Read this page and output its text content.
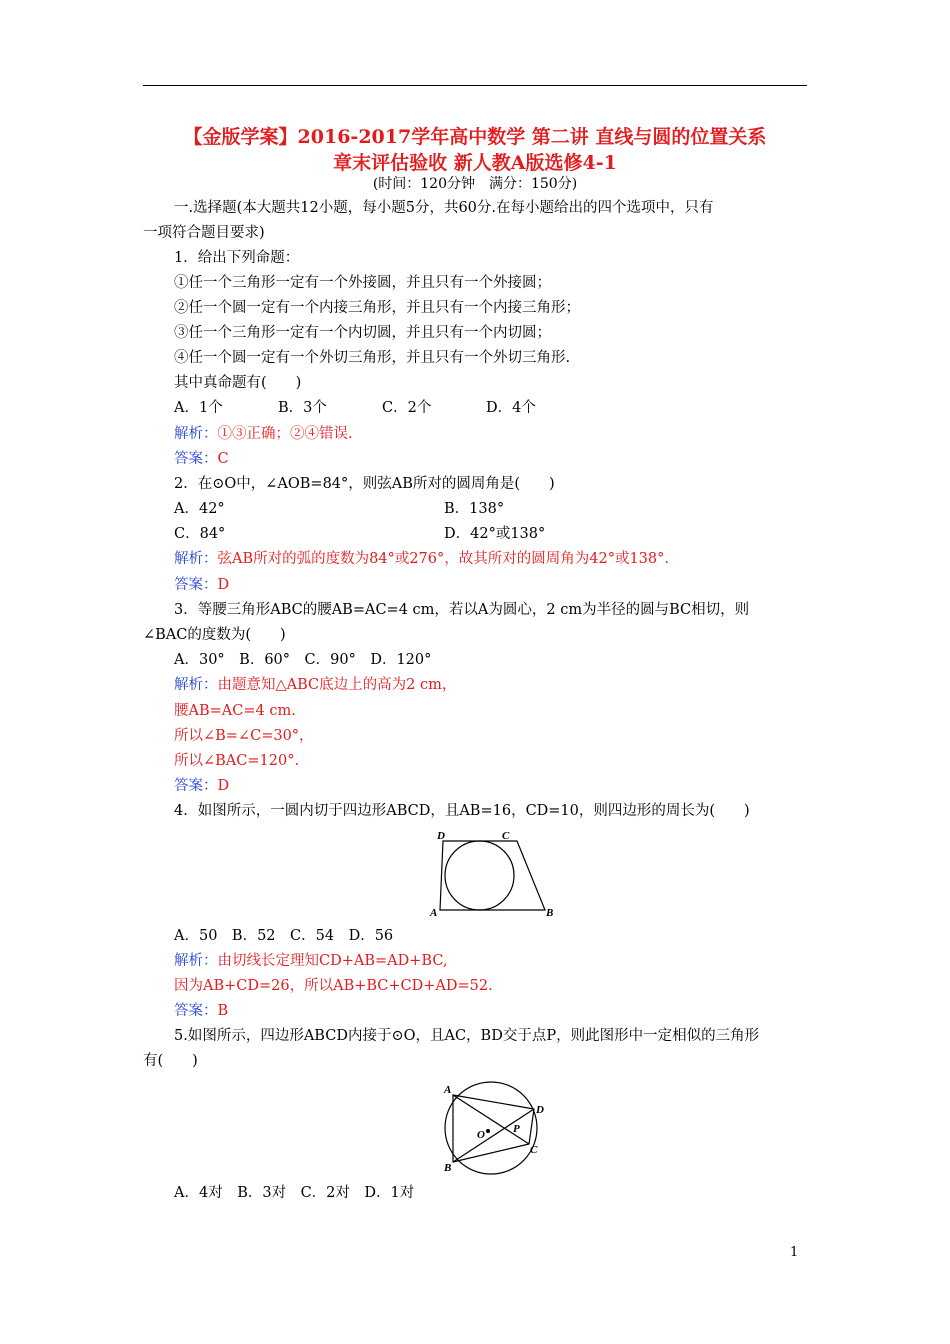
【金版学案】2016-2017学年高中数学 第二讲 直线与圆的位置关系
章末评估验收 新人教A版选修4-1
(时间：120分钟　满分：150分)
一.选择题(本大题共12小题，每小题5分，共60分.在每小题给出的四个选项中，只有
一项符合题目要求)
1．给出下列命题：
①任一个三角形一定有一个外接圆，并且只有一个外接圆；
②任一个圆一定有一个内接三角形，并且只有一个内接三角形；
③任一个三角形一定有一个内切圆，并且只有一个内切圆；
④任一个圆一定有一个外切三角形，并且只有一个外切三角形.
其中真命题有(　　)
A．1个	B．3个	C．2个	D．4个
解析：①③正确；②④错误.
答案：C
2．在⊙O中，∠AOB=84°，则弦AB所对的圆周角是(　　)
A．42°	B．138°
C．84°	D．42°或138°
解析：弦AB所对的弧的度数为84°或276°，故其所对的圆周角为42°或138°.
答案：D
3．等腰三角形ABC的腰AB=AC=4 cm，若以A为圆心，2 cm为半径的圆与BC相切，则
∠BAC的度数为(　　)
A．30°　B．60°　C．90°　D．120°
解析：由题意知△ABC底边上的高为2 cm，
腰AB=AC=4 cm.
所以∠B=∠C=30°，
所以∠BAC=120°.
答案：D
4．如图所示，一圆内切于四边形ABCD，且AB=16，CD=10，则四边形的周长为(　　)
A	B
C
D
A．50　B．52　C．54　D．56
解析：由切线长定理知CD+AB=AD+BC,
因为AB+CD=26，所以AB+BC+CD+AD=52.
答案：B
5.如图所示，四边形ABCD内接于⊙O，且AC，BD交于点P，则此图形中一定相似的三角形
有(　　)
A
B
C
D
O	P
A．4对　B．3对　C．2对　D．1对
1
